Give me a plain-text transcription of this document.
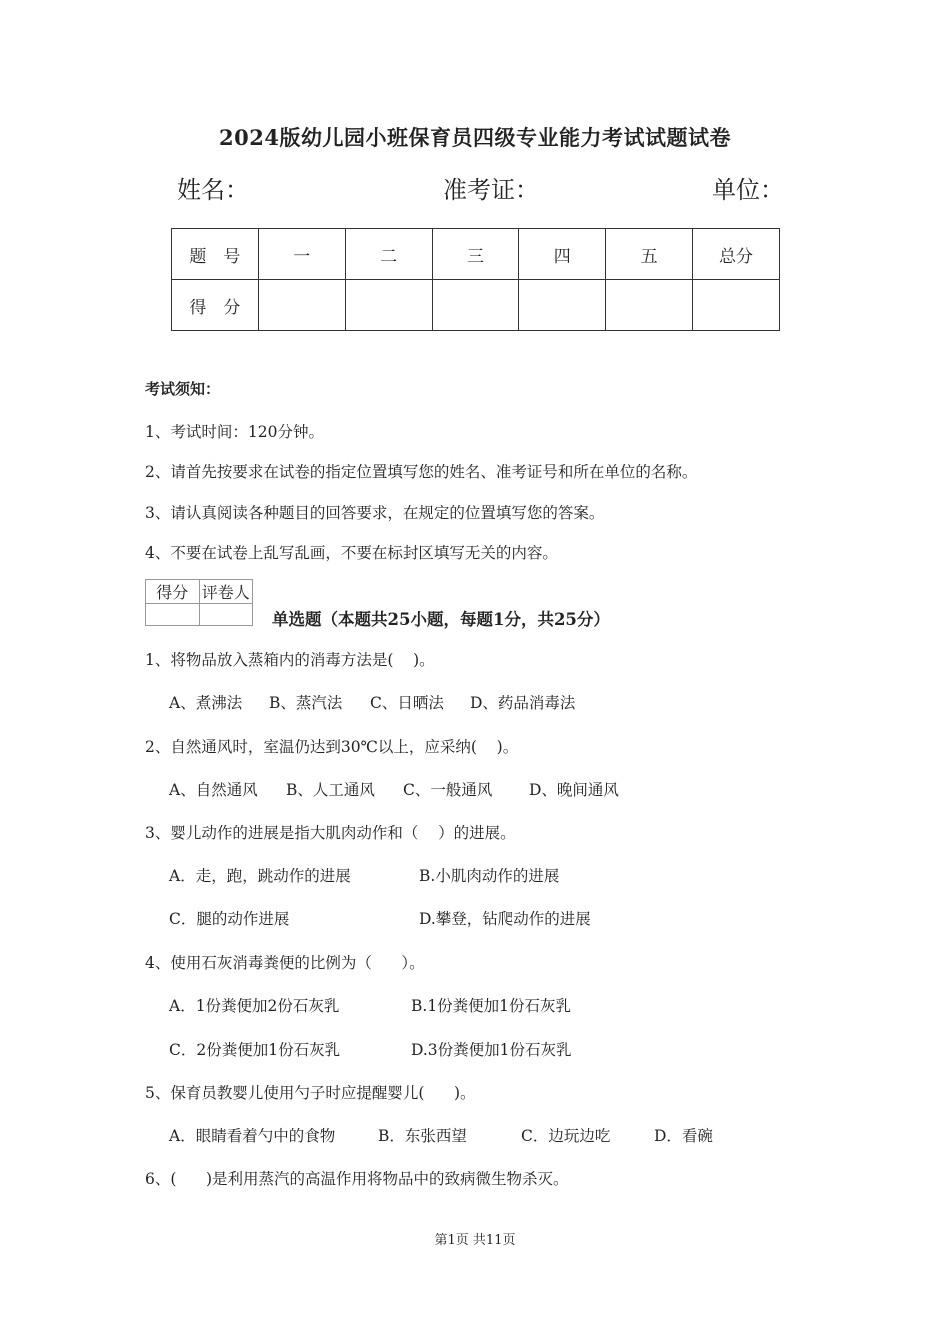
2024版幼儿园小班保育员四级专业能力考试试题试卷
姓名：	准考证：	单位：
题　号	一	二	三	四	五	总分
得　分						
考试须知：
1、考试时间：120分钟。
2、请首先按要求在试卷的指定位置填写您的姓名、准考证号和所在单位的名称。
3、请认真阅读各种题目的回答要求，在规定的位置填写您的答案。
4、不要在试卷上乱写乱画，不要在标封区填写无关的内容。
得分	评卷人

单选题（本题共25小题，每题1分，共25分）
1、将物品放入蒸箱内的消毒方法是(    )。
A、煮沸法 B、蒸汽法 C、日晒法 D、药品消毒法
2、自然通风时，室温仍达到30℃以上，应采纳(    )。
A、自然通风 B、人工通风 C、一般通风 D、晚间通风
3、婴儿动作的进展是指大肌肉动作和（    ）的进展。
A．走，跑，跳动作的进展	B.小肌肉动作的进展
C．腿的动作进展	D.攀登，钻爬动作的进展
4、使用石灰消毒粪便的比例为（      ）。
A．1份粪便加2份石灰乳	B.1份粪便加1份石灰乳
C．2份粪便加1份石灰乳	D.3份粪便加1份石灰乳
5、保育员教婴儿使用勺子时应提醒婴儿(      )。
A．眼睛看着勺中的食物	B．东张西望	C．边玩边吃	D．看碗
6、(      )是利用蒸汽的高温作用将物品中的致病微生物杀灭。
第1页 共11页
